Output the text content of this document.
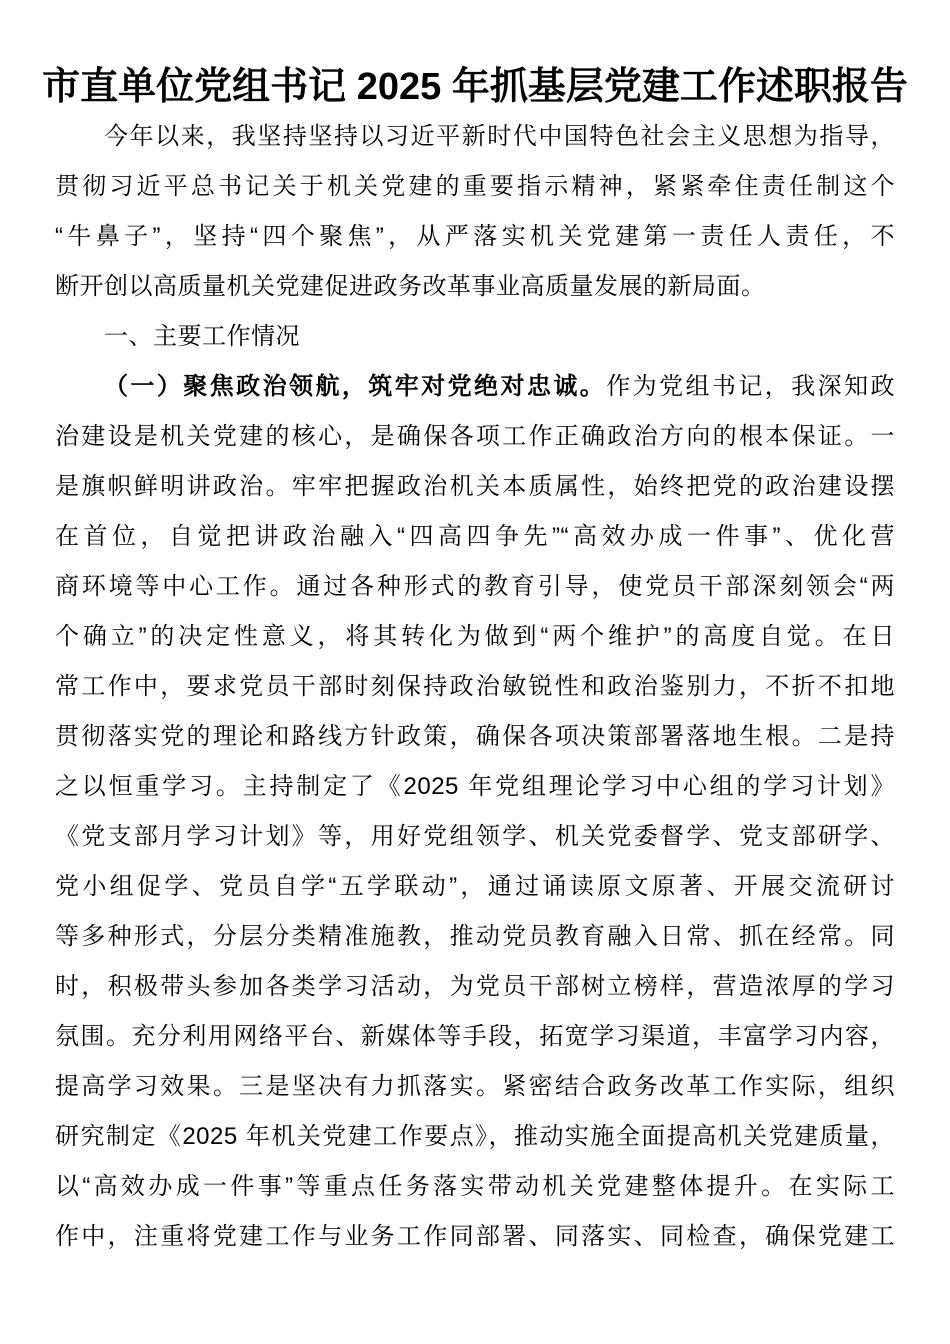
市直单位党组书记 2025 年抓基层党建工作述职报告
今年以来，我坚持坚持以习近平新时代中国特色社会主义思想为指导，
贯彻习近平总书记关于机关党建的重要指示精神，紧紧牵住责任制这个
“牛鼻子”，坚持“四个聚焦”，从严落实机关党建第一责任人责任，不
断开创以高质量机关党建促进政务改革事业高质量发展的新局面。
一、主要工作情况
（一）聚焦政治领航，筑牢对党绝对忠诚。作为党组书记，我深知政
治建设是机关党建的核心，是确保各项工作正确政治方向的根本保证。一
是旗帜鲜明讲政治。牢牢把握政治机关本质属性，始终把党的政治建设摆
在首位，自觉把讲政治融入“四高四争先”“高效办成一件事”、优化营
商环境等中心工作。通过各种形式的教育引导，使党员干部深刻领会“两
个确立”的决定性意义，将其转化为做到“两个维护”的高度自觉。在日
常工作中，要求党员干部时刻保持政治敏锐性和政治鉴别力，不折不扣地
贯彻落实党的理论和路线方针政策，确保各项决策部署落地生根。二是持
之以恒重学习。主持制定了《2025 年党组理论学习中心组的学习计划》
《党支部月学习计划》等，用好党组领学、机关党委督学、党支部研学、
党小组促学、党员自学“五学联动”，通过诵读原文原著、开展交流研讨
等多种形式，分层分类精准施教，推动党员教育融入日常、抓在经常。同
时，积极带头参加各类学习活动，为党员干部树立榜样，营造浓厚的学习
氛围。充分利用网络平台、新媒体等手段，拓宽学习渠道，丰富学习内容，
提高学习效果。三是坚决有力抓落实。紧密结合政务改革工作实际，组织
研究制定《2025 年机关党建工作要点》，推动实施全面提高机关党建质量，
以“高效办成一件事”等重点任务落实带动机关党建整体提升。在实际工
作中，注重将党建工作与业务工作同部署、同落实、同检查，确保党建工
